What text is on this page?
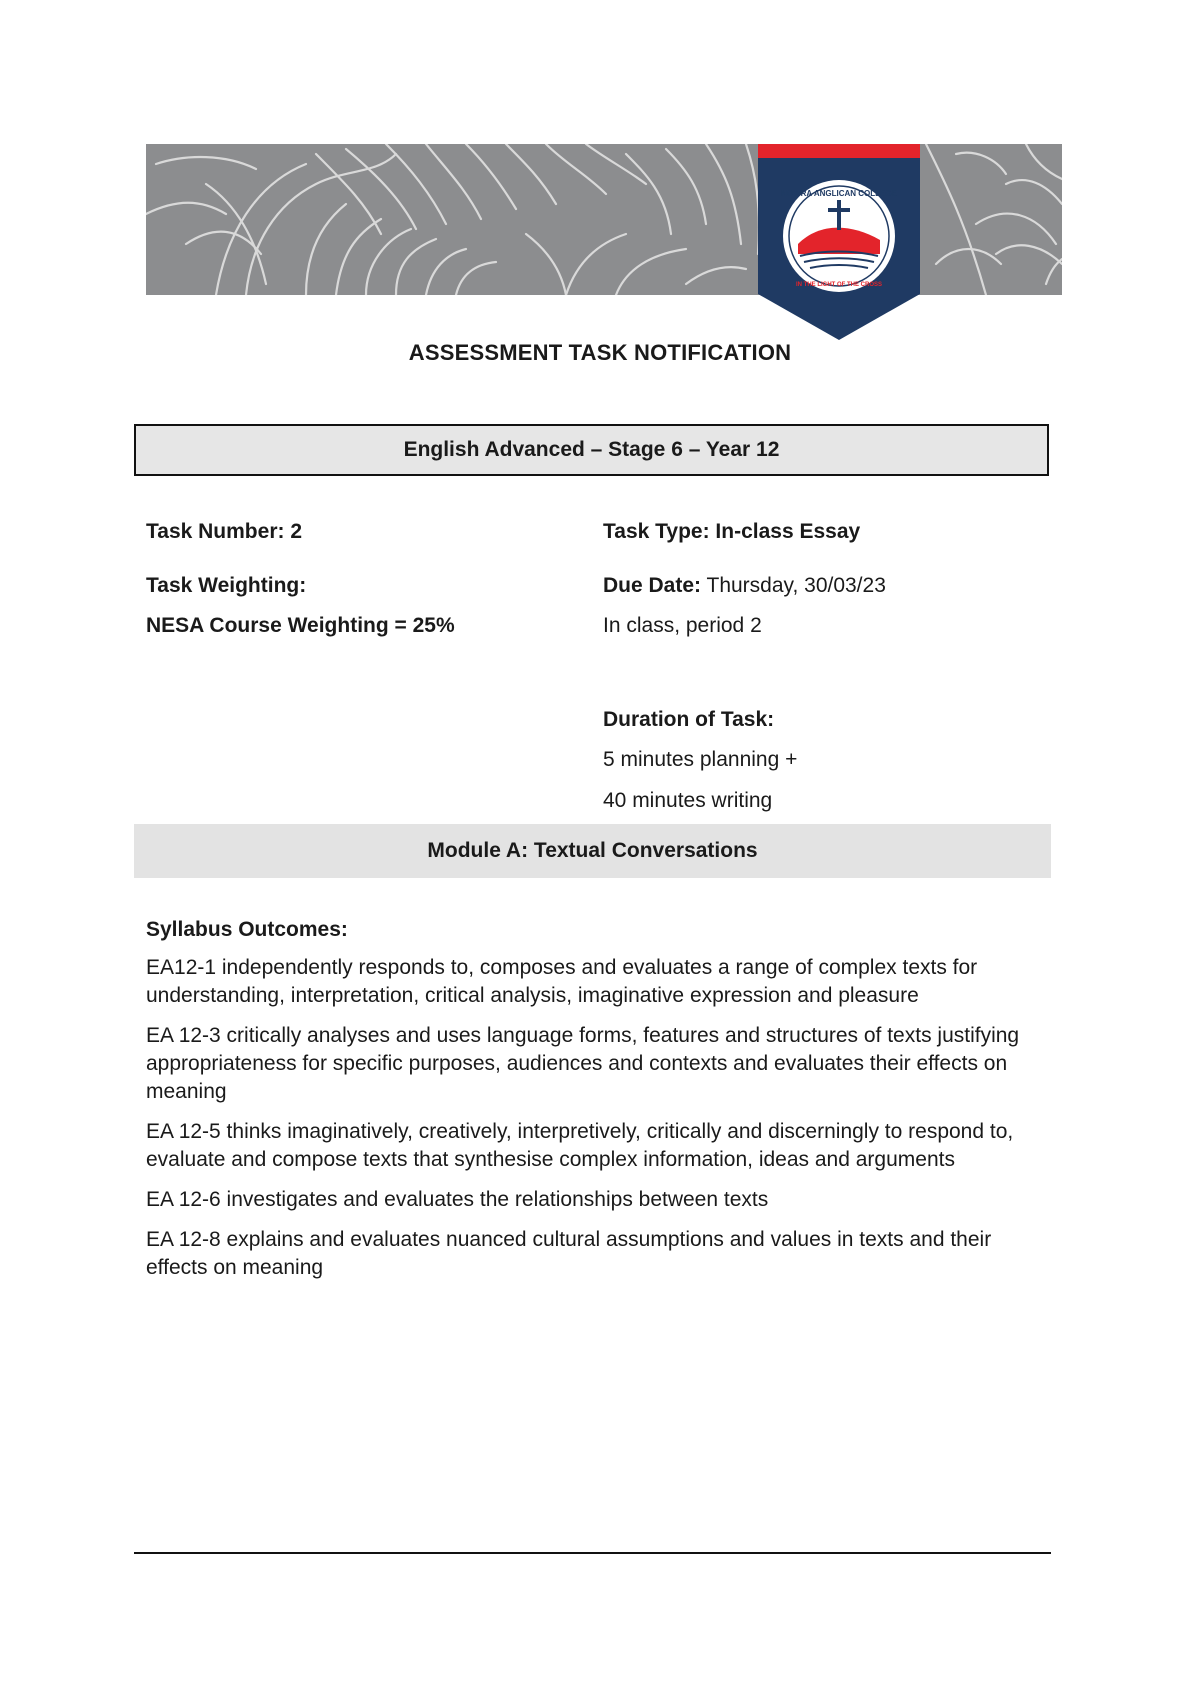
NOWRA ANGLICAN COLLEGE
IN THE LIGHT OF THE CROSS
ASSESSMENT TASK NOTIFICATION
English Advanced – Stage 6 – Year 12
Task Number: 2	Task Type: In-class Essay
Task Weighting:	Due Date: Thursday, 30/03/23
NESA Course Weighting = 25%	In class, period 2
Duration of Task:
5 minutes planning +
40 minutes writing
Module A: Textual Conversations
Syllabus Outcomes:
EA12-1 independently responds to, composes and evaluates a range of complex texts for understanding, interpretation, critical analysis, imaginative expression and pleasure
EA 12-3 critically analyses and uses language forms, features and structures of texts justifying appropriateness for specific purposes, audiences and contexts and evaluates their effects on meaning
EA 12-5 thinks imaginatively, creatively, interpretively, critically and discerningly to respond to, evaluate and compose texts that synthesise complex information, ideas and arguments
EA 12-6 investigates and evaluates the relationships between texts
EA 12-8 explains and evaluates nuanced cultural assumptions and values in texts and their effects on meaning
